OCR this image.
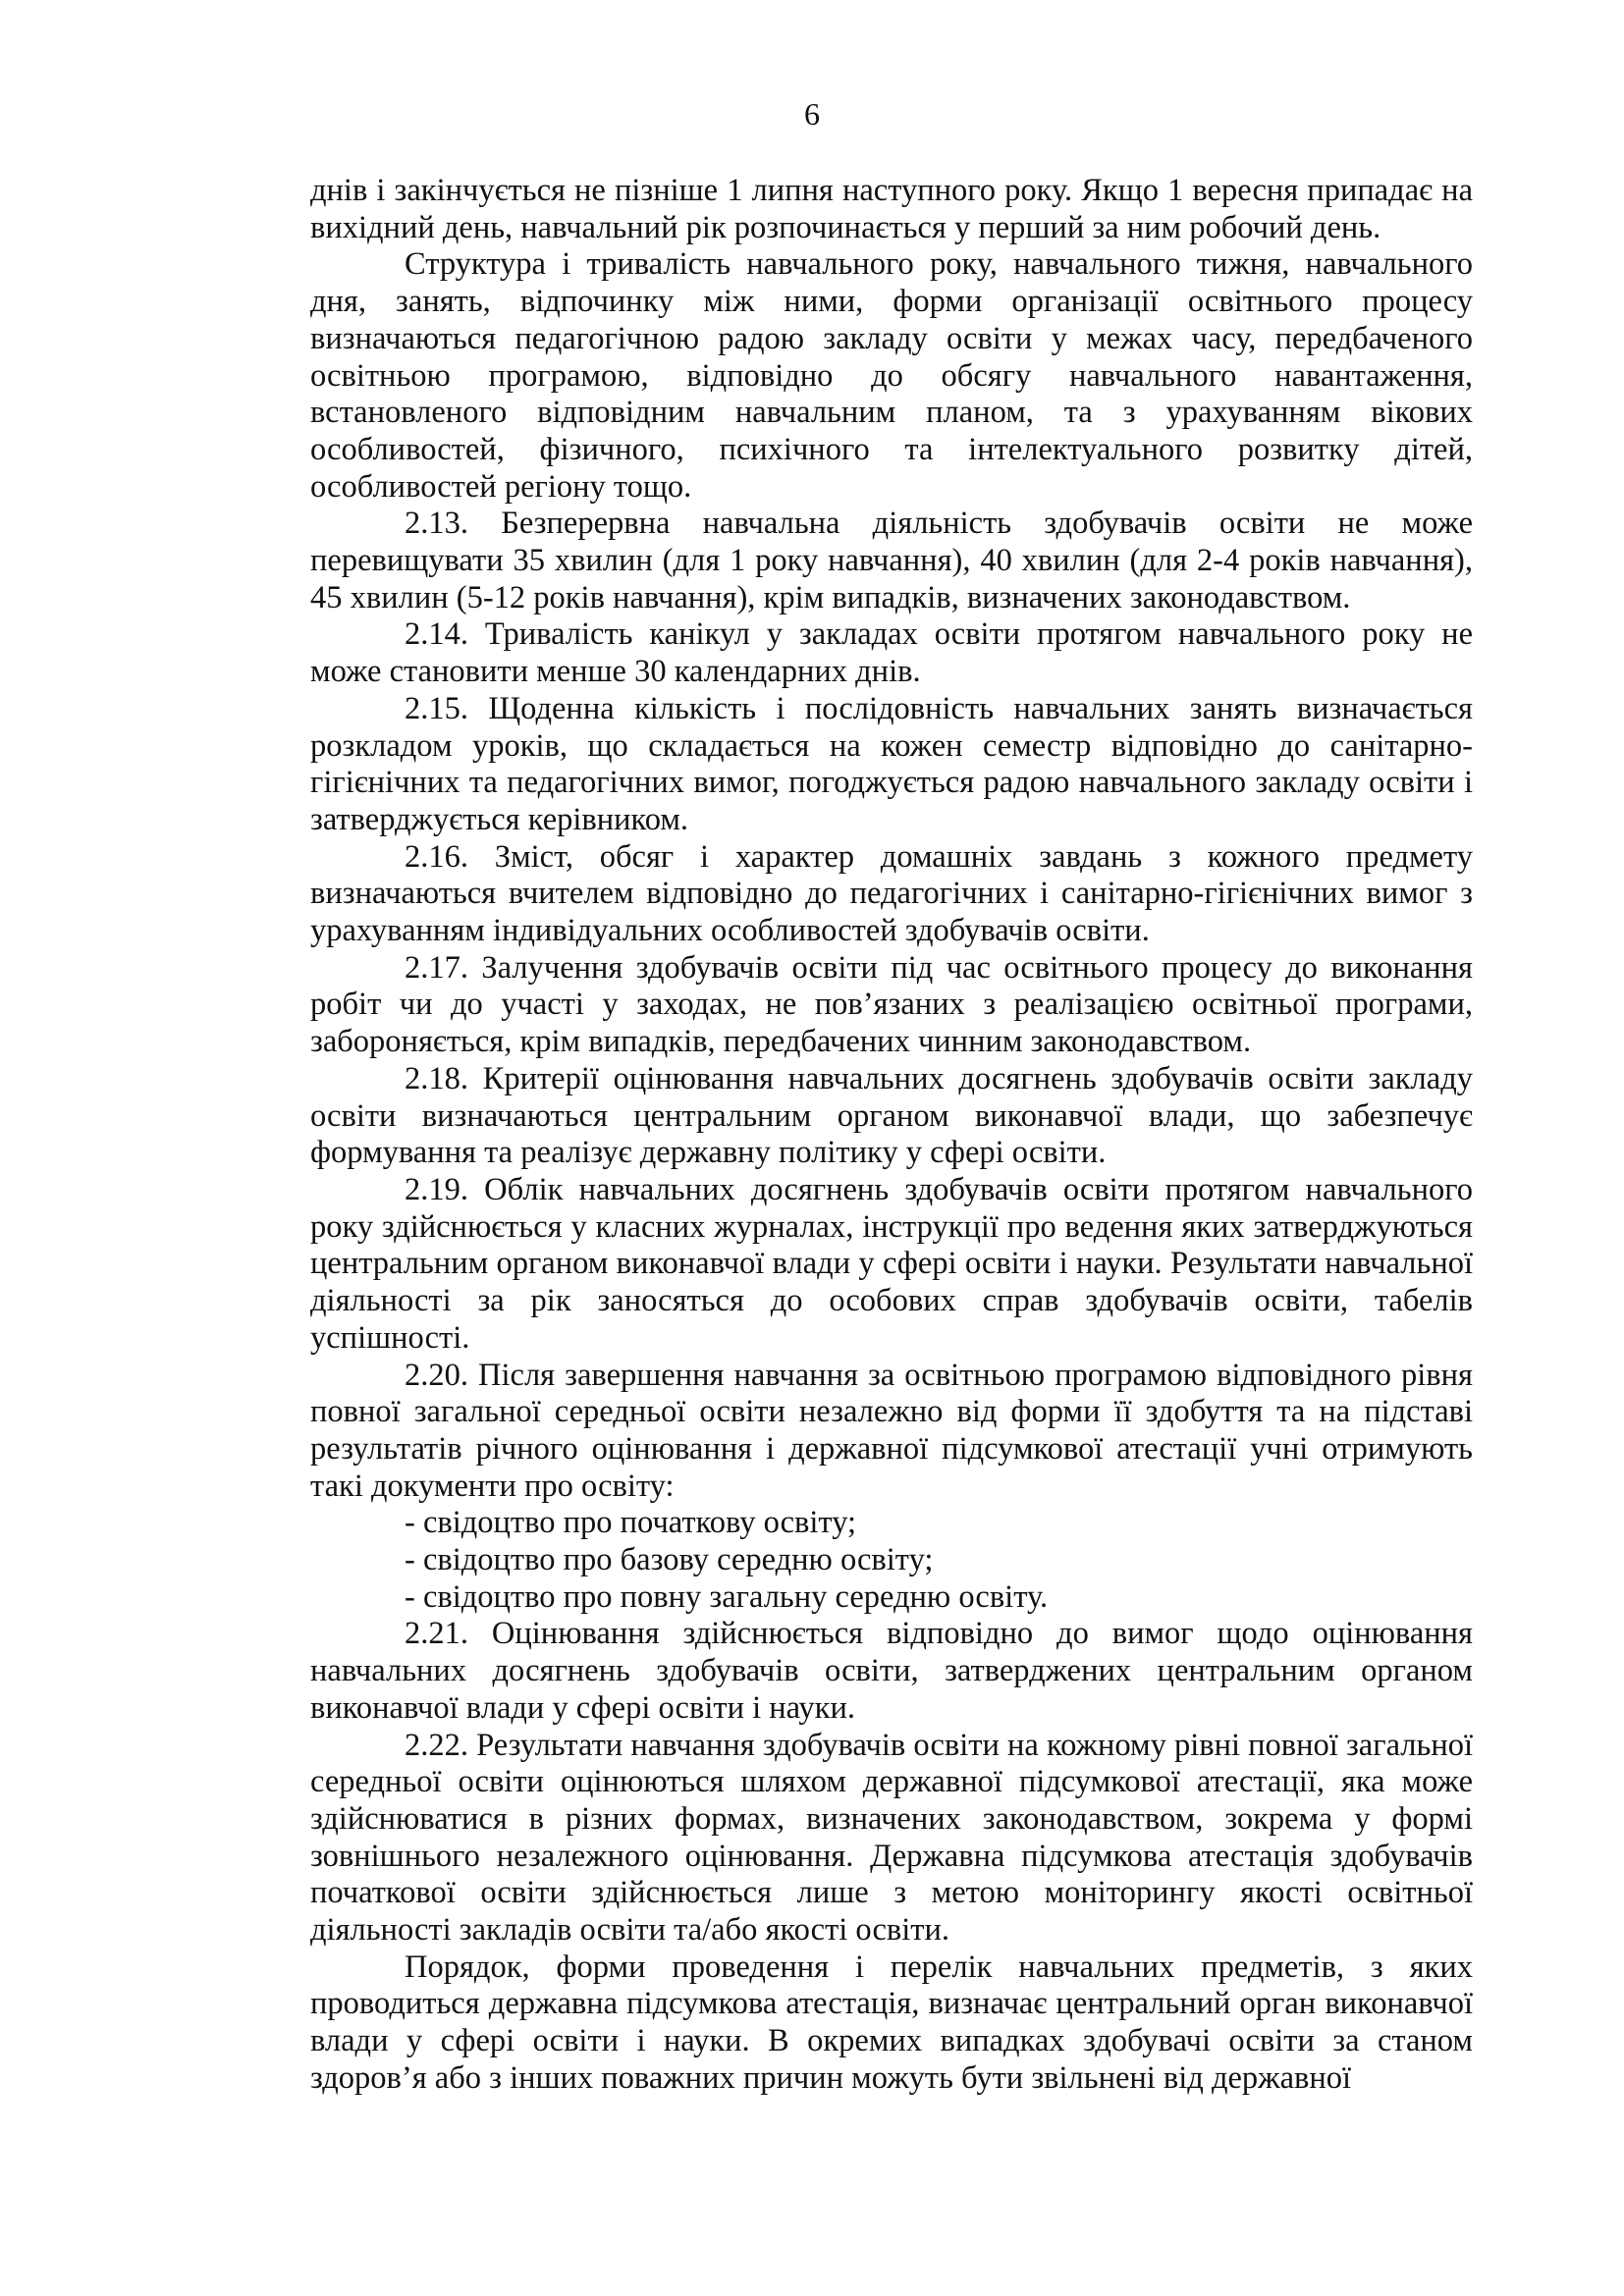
6

днів і закінчується не пізніше 1 липня наступного року. Якщо 1 вересня припадає на вихідний день, навчальний рік розпочинається у перший за ним робочий день.

Структура і тривалість навчального року, навчального тижня, навчального дня, занять, відпочинку між ними, форми організації освітнього процесу визначаються педагогічною радою закладу освіти у межах часу, передбаченого освітньою програмою, відповідно до обсягу навчального навантаження, встановленого відповідним навчальним планом, та з урахуванням вікових особливостей, фізичного, психічного та інтелектуального розвитку дітей, особливостей регіону тощо.

2.13. Безперервна навчальна діяльність здобувачів освіти не може перевищувати 35 хвилин (для 1 року навчання), 40 хвилин (для 2-4 років навчання), 45 хвилин (5-12 років навчання), крім випадків, визначених законодавством.

2.14. Тривалість канікул у закладах освіти протягом навчального року не може становити менше 30 календарних днів.

2.15. Щоденна кількість і послідовність навчальних занять визначається розкладом уроків, що складається на кожен семестр відповідно до санітарно-гігієнічних та педагогічних вимог, погоджується радою навчального закладу освіти і затверджується керівником.

2.16. Зміст, обсяг і характер домашніх завдань з кожного предмету визначаються вчителем відповідно до педагогічних і санітарно-гігієнічних вимог з урахуванням індивідуальних особливостей здобувачів освіти.

2.17. Залучення здобувачів освіти під час освітнього процесу до виконання робіт чи до участі у заходах, не пов’язаних з реалізацією освітньої програми, забороняється, крім випадків, передбачених чинним законодавством.

2.18. Критерії оцінювання навчальних досягнень здобувачів освіти закладу освіти визначаються центральним органом виконавчої влади, що забезпечує формування та реалізує державну політику у сфері освіти.

2.19. Облік навчальних досягнень здобувачів освіти протягом навчального року здійснюється у класних журналах, інструкції про ведення яких затверджуються центральним органом виконавчої влади у сфері освіти і науки. Результати навчальної діяльності за рік заносяться до особових справ здобувачів освіти, табелів успішності.

2.20. Після завершення навчання за освітньою програмою відповідного рівня повної загальної середньої освіти незалежно від форми її здобуття та на підставі результатів річного оцінювання і державної підсумкової атестації учні отримують такі документи про освіту:

- свідоцтво про початкову освіту;

- свідоцтво про базову середню освіту;

- свідоцтво про повну загальну середню освіту.

2.21. Оцінювання здійснюється відповідно до вимог щодо оцінювання навчальних досягнень здобувачів освіти, затверджених центральним органом виконавчої влади у сфері освіти і науки.

2.22. Результати навчання здобувачів освіти на кожному рівні повної загальної середньої освіти оцінюються шляхом державної підсумкової атестації, яка може здійснюватися в різних формах, визначених законодавством, зокрема у формі зовнішнього незалежного оцінювання. Державна підсумкова атестація здобувачів початкової освіти здійснюється лише з метою моніторингу якості освітньої діяльності закладів освіти та/або якості освіти.

Порядок, форми проведення і перелік навчальних предметів, з яких проводиться державна підсумкова атестація, визначає центральний орган виконавчої влади у сфері освіти і науки. В окремих випадках здобувачі освіти за станом здоров’я або з інших поважних причин можуть бути звільнені від державної
